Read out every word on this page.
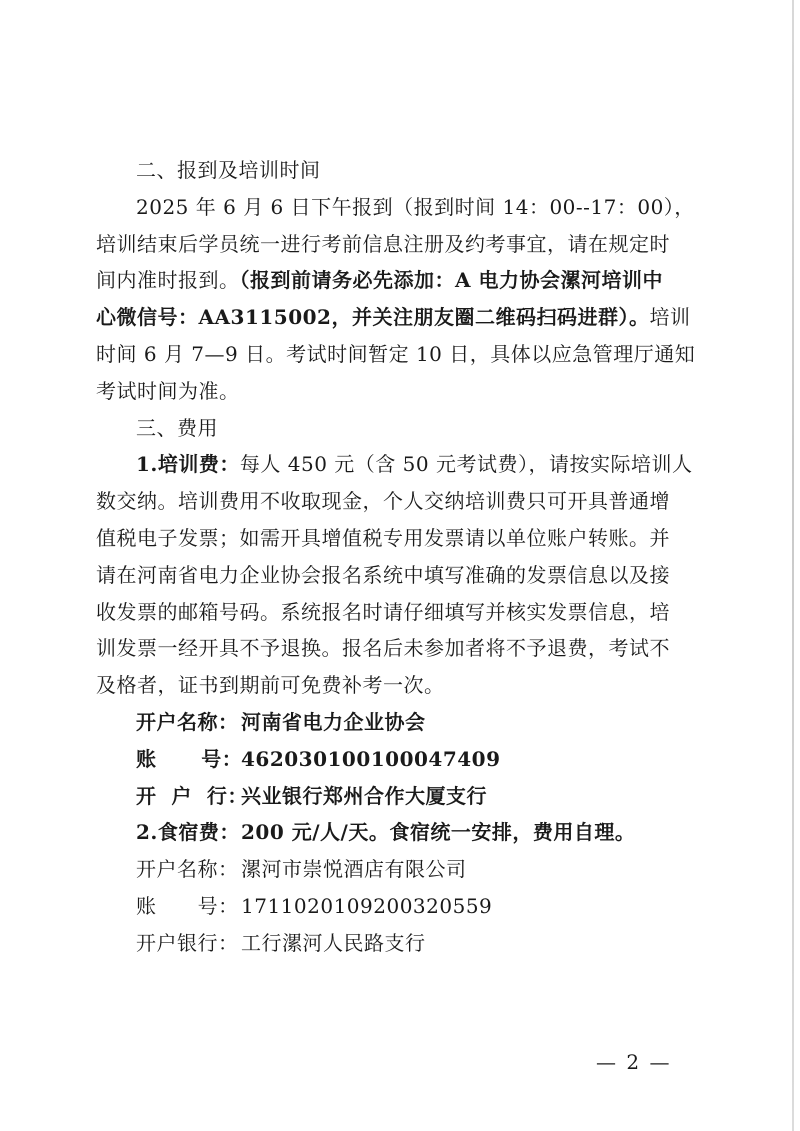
二、报到及培训时间
2025 年 6 月 6 日下午报到（报到时间 14：00--17：00），
培训结束后学员统一进行考前信息注册及约考事宜，请在规定时
间内准时报到。（报到前请务必先添加：A 电力协会漯河培训中
心微信号：AA3115002，并关注朋友圈二维码扫码进群）。培训
时间 6 月 7—9 日。考试时间暂定 10 日，具体以应急管理厅通知
考试时间为准。
三、费用
1.培训费：每人 450 元（含 50 元考试费），请按实际培训人
数交纳。培训费用不收取现金，个人交纳培训费只可开具普通增
值税电子发票；如需开具增值税专用发票请以单位账户转账。并
请在河南省电力企业协会报名系统中填写准确的发票信息以及接
收发票的邮箱号码。系统报名时请仔细填写并核实发票信息，培
训发票一经开具不予退换。报名后未参加者将不予退费，考试不
及格者，证书到期前可免费补考一次。
开户名称： 河南省电力企业协会
账      号：462030100100047409
开  户  行：兴业银行郑州合作大厦支行
2.食宿费：200 元/人/天。食宿统一安排，费用自理。
开户名称： 漯河市崇悦酒店有限公司
账      号： 1711020109200320559
开户银行： 工行漯河人民路支行
— 2 —
